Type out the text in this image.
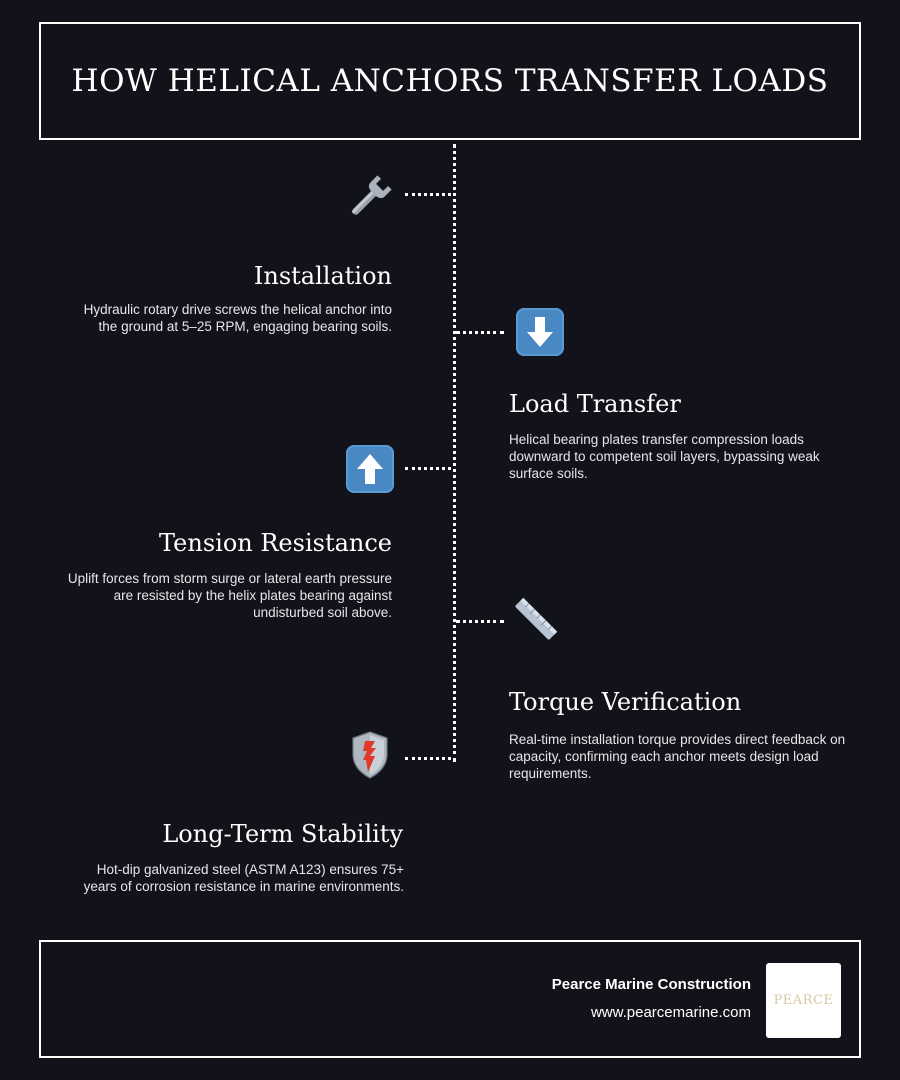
HOW HELICAL ANCHORS TRANSFER LOADS
Installation

Hydraulic rotary drive screws the helical anchor into the ground at 5–25 RPM, engaging bearing soils.

Load Transfer

Helical bearing plates transfer compression loads downward to competent soil layers, bypassing weak surface soils.

Tension Resistance

Uplift forces from storm surge or lateral earth pressure are resisted by the helix plates bearing against undisturbed soil above.

Torque Verification

Real-time installation torque provides direct feedback on capacity, confirming each anchor meets design load requirements.

Long-Term Stability

Hot-dip galvanized steel (ASTM A123) ensures 75+ years of corrosion resistance in marine environments.

Pearce Marine Construction
www.pearcemarine.com
PEARCE
